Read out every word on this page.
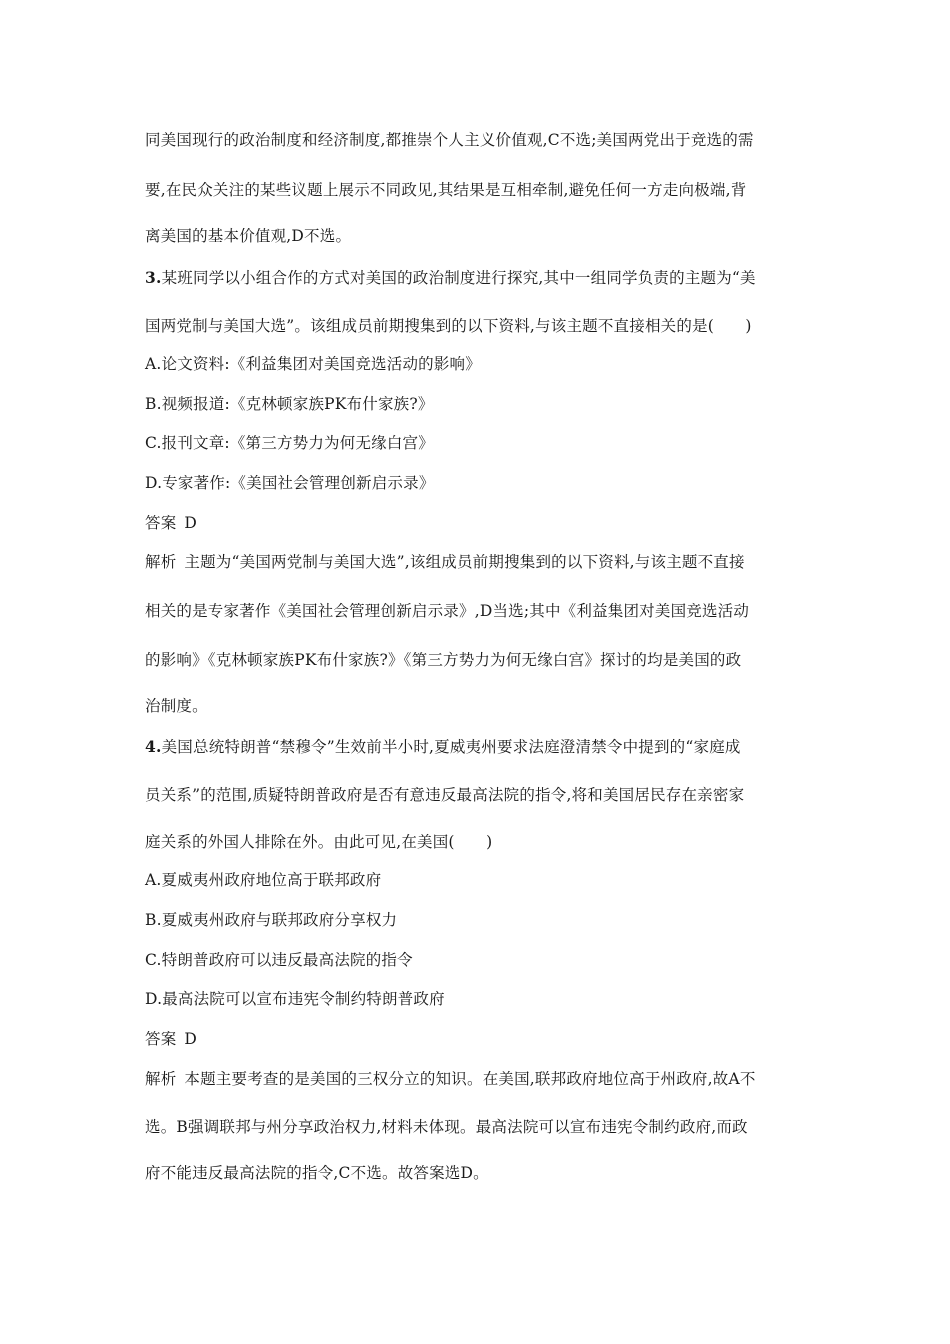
同美国现行的政治制度和经济制度,都推崇个人主义价值观,C不选;美国两党出于竞选的需
要,在民众关注的某些议题上展示不同政见,其结果是互相牵制,避免任何一方走向极端,背
离美国的基本价值观,D不选。
3.某班同学以小组合作的方式对美国的政治制度进行探究,其中一组同学负责的主题为“美
国两党制与美国大选”。该组成员前期搜集到的以下资料,与该主题不直接相关的是(　　)
A.论文资料:《利益集团对美国竞选活动的影响》
B.视频报道:《克林顿家族PK布什家族?》
C.报刊文章:《第三方势力为何无缘白宫》
D.专家著作:《美国社会管理创新启示录》
答案 D
解析 主题为“美国两党制与美国大选”,该组成员前期搜集到的以下资料,与该主题不直接
相关的是专家著作《美国社会管理创新启示录》,D当选;其中《利益集团对美国竞选活动
的影响》《克林顿家族PK布什家族?》《第三方势力为何无缘白宫》探讨的均是美国的政
治制度。
4.美国总统特朗普“禁穆令”生效前半小时,夏威夷州要求法庭澄清禁令中提到的“家庭成
员关系”的范围,质疑特朗普政府是否有意违反最高法院的指令,将和美国居民存在亲密家
庭关系的外国人排除在外。由此可见,在美国(　　)
A.夏威夷州政府地位高于联邦政府
B.夏威夷州政府与联邦政府分享权力
C.特朗普政府可以违反最高法院的指令
D.最高法院可以宣布违宪令制约特朗普政府
答案 D
解析 本题主要考查的是美国的三权分立的知识。在美国,联邦政府地位高于州政府,故A不
选。B强调联邦与州分享政治权力,材料未体现。最高法院可以宣布违宪令制约政府,而政
府不能违反最高法院的指令,C不选。故答案选D。
